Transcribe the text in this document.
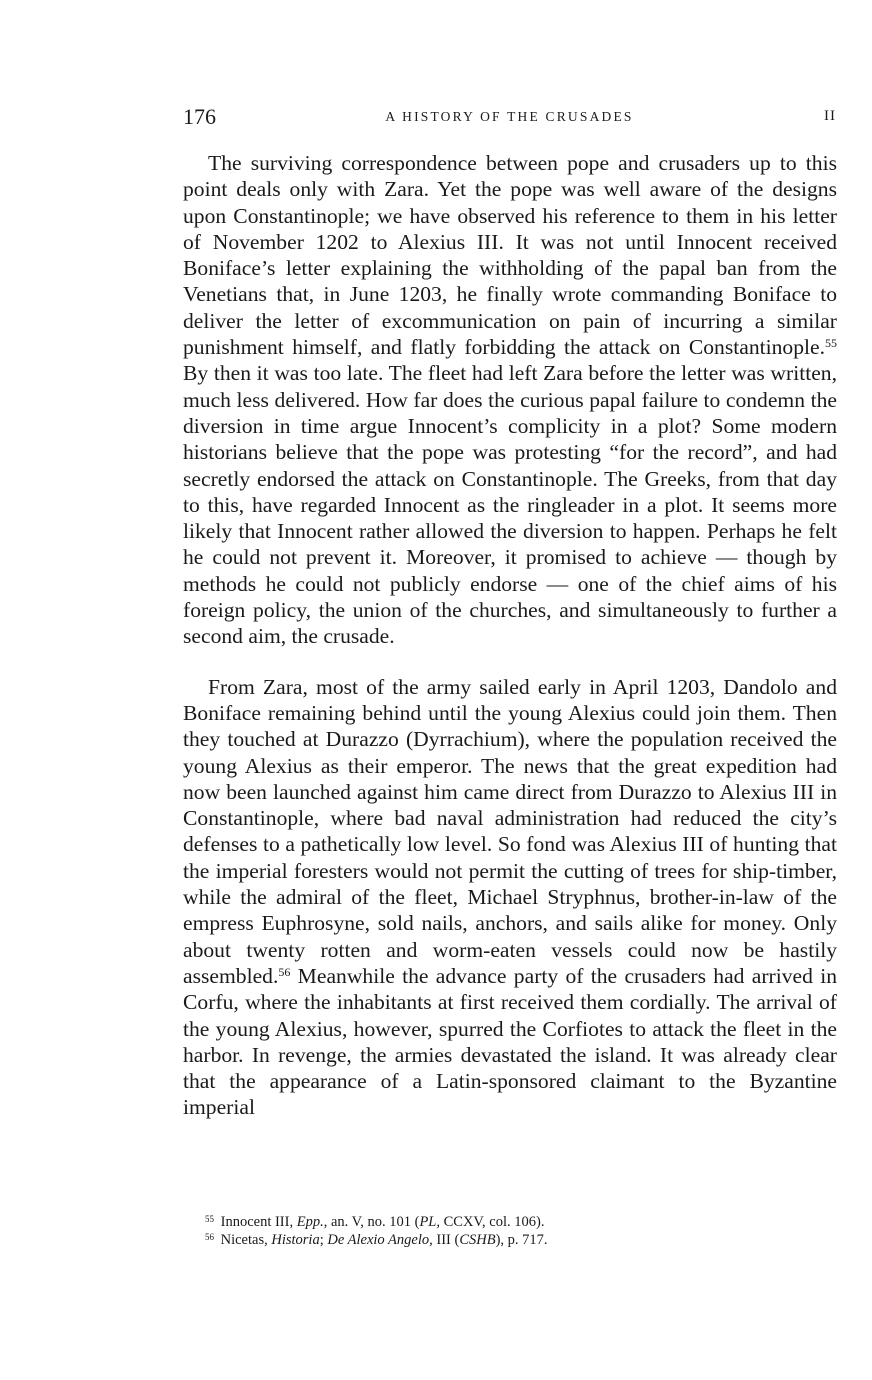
176	A HISTORY OF THE CRUSADES	II

The surviving correspondence between pope and crusaders up to this point deals only with Zara. Yet the pope was well aware of the designs upon Constantinople; we have observed his reference to them in his letter of November 1202 to Alexius III. It was not until Innocent received Boniface’s letter explaining the withholding of the papal ban from the Venetians that, in June 1203, he finally wrote commanding Boniface to deliver the letter of excommunication on pain of incurring a similar punishment himself, and flatly forbidding the attack on Constantinople.$^{55}$ By then it was too late. The fleet had left Zara before the letter was written, much less delivered. How far does the curious papal failure to condemn the diversion in time argue Innocent’s complicity in a plot? Some modern historians believe that the pope was protesting “for the record”, and had secretly endorsed the attack on Constantinople. The Greeks, from that day to this, have regarded Innocent as the ringleader in a plot. It seems more likely that Innocent rather allowed the diversion to happen. Perhaps he felt he could not prevent it. Moreover, it promised to achieve — though by methods he could not publicly endorse — one of the chief aims of his foreign policy, the union of the churches, and simultaneously to further a second aim, the crusade.

From Zara, most of the army sailed early in April 1203, Dandolo and Boniface remaining behind until the young Alexius could join them. Then they touched at Durazzo (Dyrrachium), where the population received the young Alexius as their emperor. The news that the great expedition had now been launched against him came direct from Durazzo to Alexius III in Constantinople, where bad naval administration had reduced the city’s defenses to a pathetically low level. So fond was Alexius III of hunting that the imperial foresters would not permit the cutting of trees for ship-timber, while the admiral of the fleet, Michael Stryphnus, brother-in-law of the empress Euphrosyne, sold nails, anchors, and sails alike for money. Only about twenty rotten and worm-eaten vessels could now be hastily assembled.$^{56}$ Meanwhile the advance party of the crusaders had arrived in Corfu, where the inhabitants at first received them cordially. The arrival of the young Alexius, however, spurred the Corfiotes to attack the fleet in the harbor. In revenge, the armies devastated the island. It was already clear that the appearance of a Latin-sponsored claimant to the Byzantine imperial

$^{55}$ Innocent III, Epp., an. V, no. 101 (PL, CCXV, col. 106).

$^{56}$ Nicetas, Historia; De Alexio Angelo, III (CSHB), p. 717.
